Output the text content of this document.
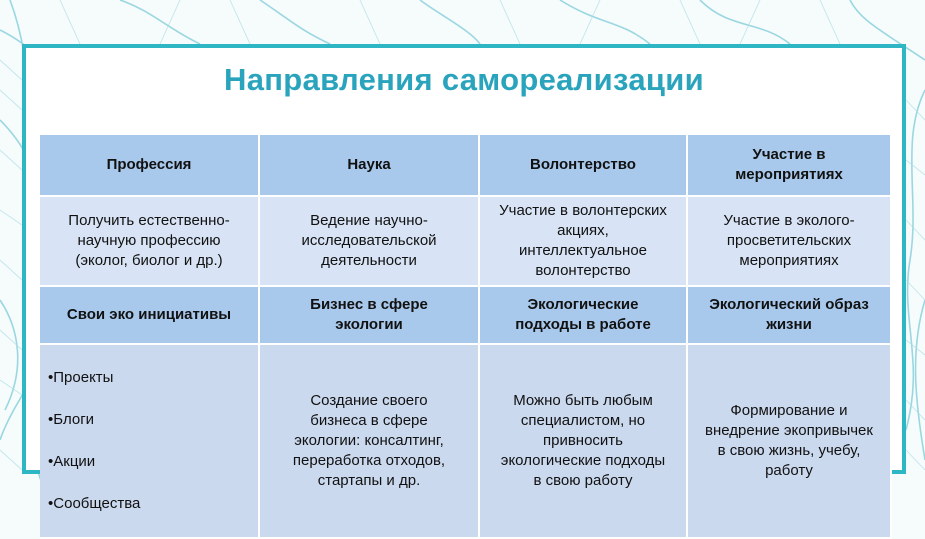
Направления самореализации
Профессия	Наука	Волонтерство
Участие в
мероприятиях
Получить естественно-
научную профессию
(эколог, биолог и др.)
Ведение научно-
исследовательской
деятельности
Участие в волонтерских
акциях,
интеллектуальное
волонтерство
Участие в эколого-
просветительских
мероприятиях
Свои эко инициативы
Бизнес в сфере
экологии
Экологические
подходы в работе
Экологический образ
жизни

• Проекты

• Блоги

• Акции

• Сообщества

Создание своего
бизнеса в сфере
экологии: консалтинг,
переработка отходов,
стартапы и др.
Можно быть любым
специалистом, но
привносить
экологические подходы
в свою работу
Формирование и
внедрение экопривычек
в свою жизнь, учебу,
работу
